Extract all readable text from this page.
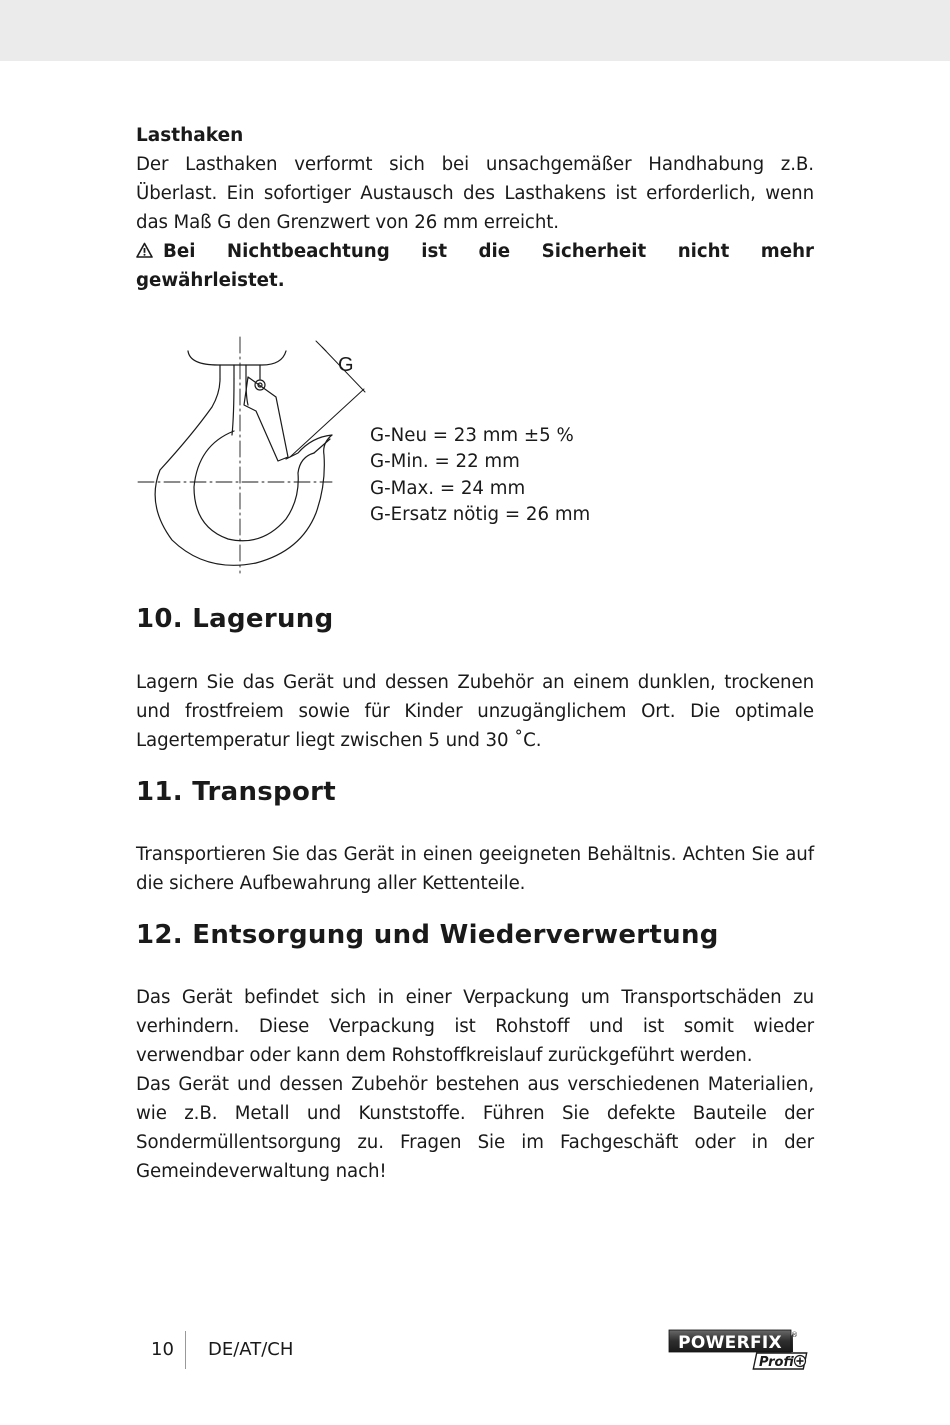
Lasthaken

Der Lasthaken verformt sich bei unsachgemäßer Handhabung z.B. Überlast. Ein sofortiger Austausch des Lasthakens ist erforderlich, wenn das Maß G den Grenzwert von 26 mm erreicht.

Bei Nichtbeachtung ist die Sicherheit nicht mehr gewährleistet.

G
G-Neu = 23 mm ±5 %
G-Min. = 22 mm
G-Max. = 24 mm
G-Ersatz nötig = 26 mm
10. Lagerung

Lagern Sie das Gerät und dessen Zubehör an einem dunklen, trockenen und frostfreiem sowie für Kinder unzugänglichem Ort. Die optimale Lagertemperatur liegt zwischen 5 und 30 ˚C.

11. Transport

Transportieren Sie das Gerät in einen geeigneten Behältnis. Achten Sie auf die sichere Aufbewahrung aller Kettenteile.

12. Entsorgung und Wiederverwertung

Das Gerät befindet sich in einer Verpackung um Transportschäden zu verhindern. Diese Verpackung ist Rohstoff und ist somit wieder verwendbar oder kann dem Rohstoffkreislauf zurückgeführt werden.

Das Gerät und dessen Zubehör bestehen aus verschiedenen Materialien, wie z.B. Metall und Kunststoffe. Führen Sie defekte Bauteile der Sondermüllentsorgung zu. Fragen Sie im Fachgeschäft oder in der Gemeindeverwaltung nach!

10 DE/AT/CH	POWERFIX ®
Profi
